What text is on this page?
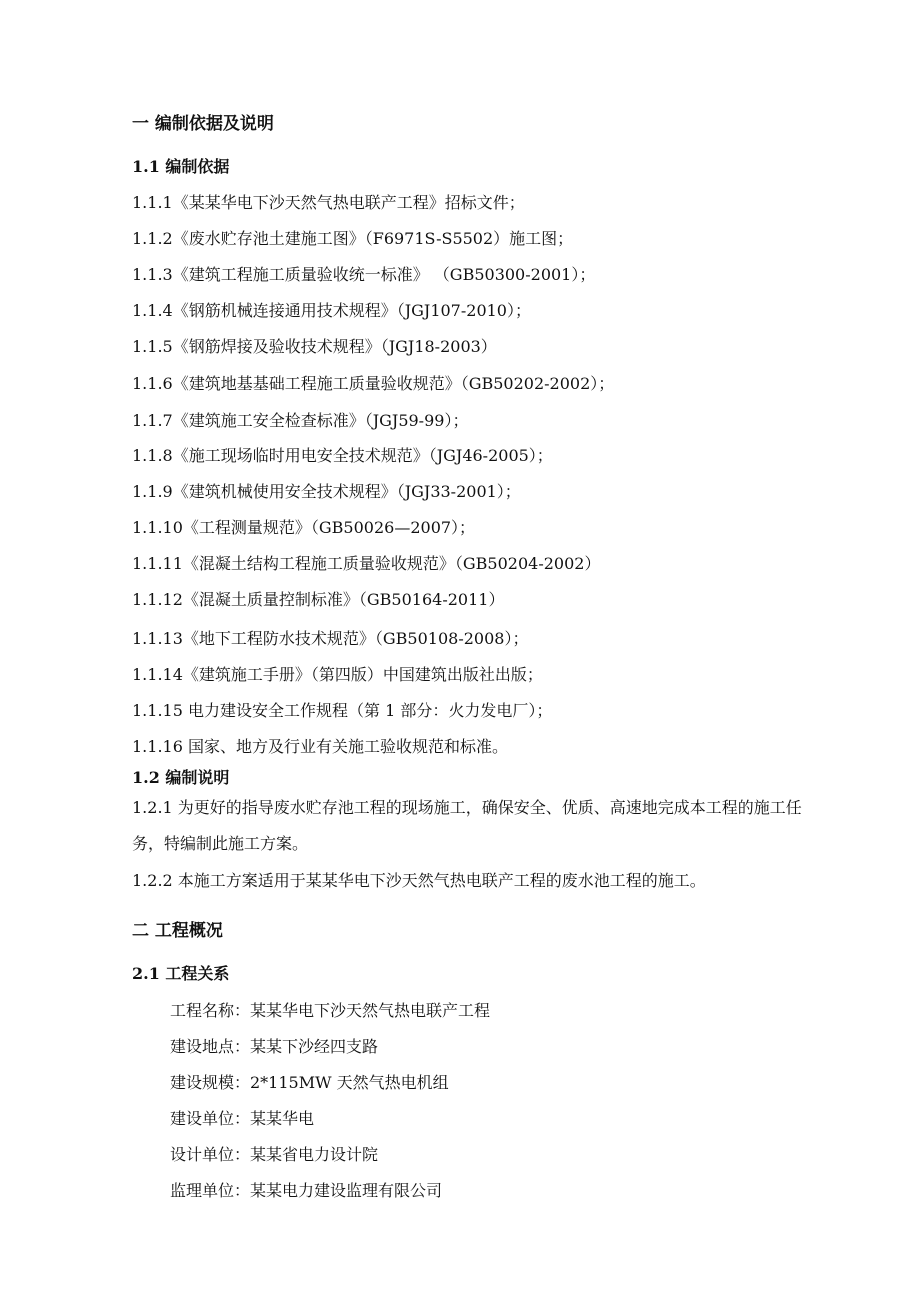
一 编制依据及说明
1.1 编制依据
1.1.1《某某华电下沙天然气热电联产工程》招标文件；
1.1.2《废水贮存池土建施工图》（F6971S-S5502）施工图；
1.1.3《建筑工程施工质量验收统一标准》 （GB50300-2001）；
1.1.4《钢筋机械连接通用技术规程》（JGJ107-2010）；
1.1.5《钢筋焊接及验收技术规程》（JGJ18-2003）
1.1.6《建筑地基基础工程施工质量验收规范》（GB50202-2002）；
1.1.7《建筑施工安全检查标准》（JGJ59-99）；
1.1.8《施工现场临时用电安全技术规范》（JGJ46-2005）；
1.1.9《建筑机械使用安全技术规程》（JGJ33-2001）；
1.1.10《工程测量规范》（GB50026—2007）；
1.1.11《混凝土结构工程施工质量验收规范》（GB50204-2002）
1.1.12《混凝土质量控制标准》（GB50164-2011）
1.1.13《地下工程防水技术规范》（GB50108-2008）；
1.1.14《建筑施工手册》（第四版）中国建筑出版社出版；
1.1.15 电力建设安全工作规程（第 1 部分：火力发电厂）；
1.1.16 国家、地方及行业有关施工验收规范和标准。
1.2 编制说明
1.2.1 为更好的指导废水贮存池工程的现场施工，确保安全、优质、高速地完成本工程的施工任务，特编制此施工方案。
1.2.2 本施工方案适用于某某华电下沙天然气热电联产工程的废水池工程的施工。
二 工程概况
2.1 工程关系
工程名称：某某华电下沙天然气热电联产工程
建设地点：某某下沙经四支路
建设规模：2*115MW 天然气热电机组
建设单位：某某华电
设计单位：某某省电力设计院
监理单位：某某电力建设监理有限公司
